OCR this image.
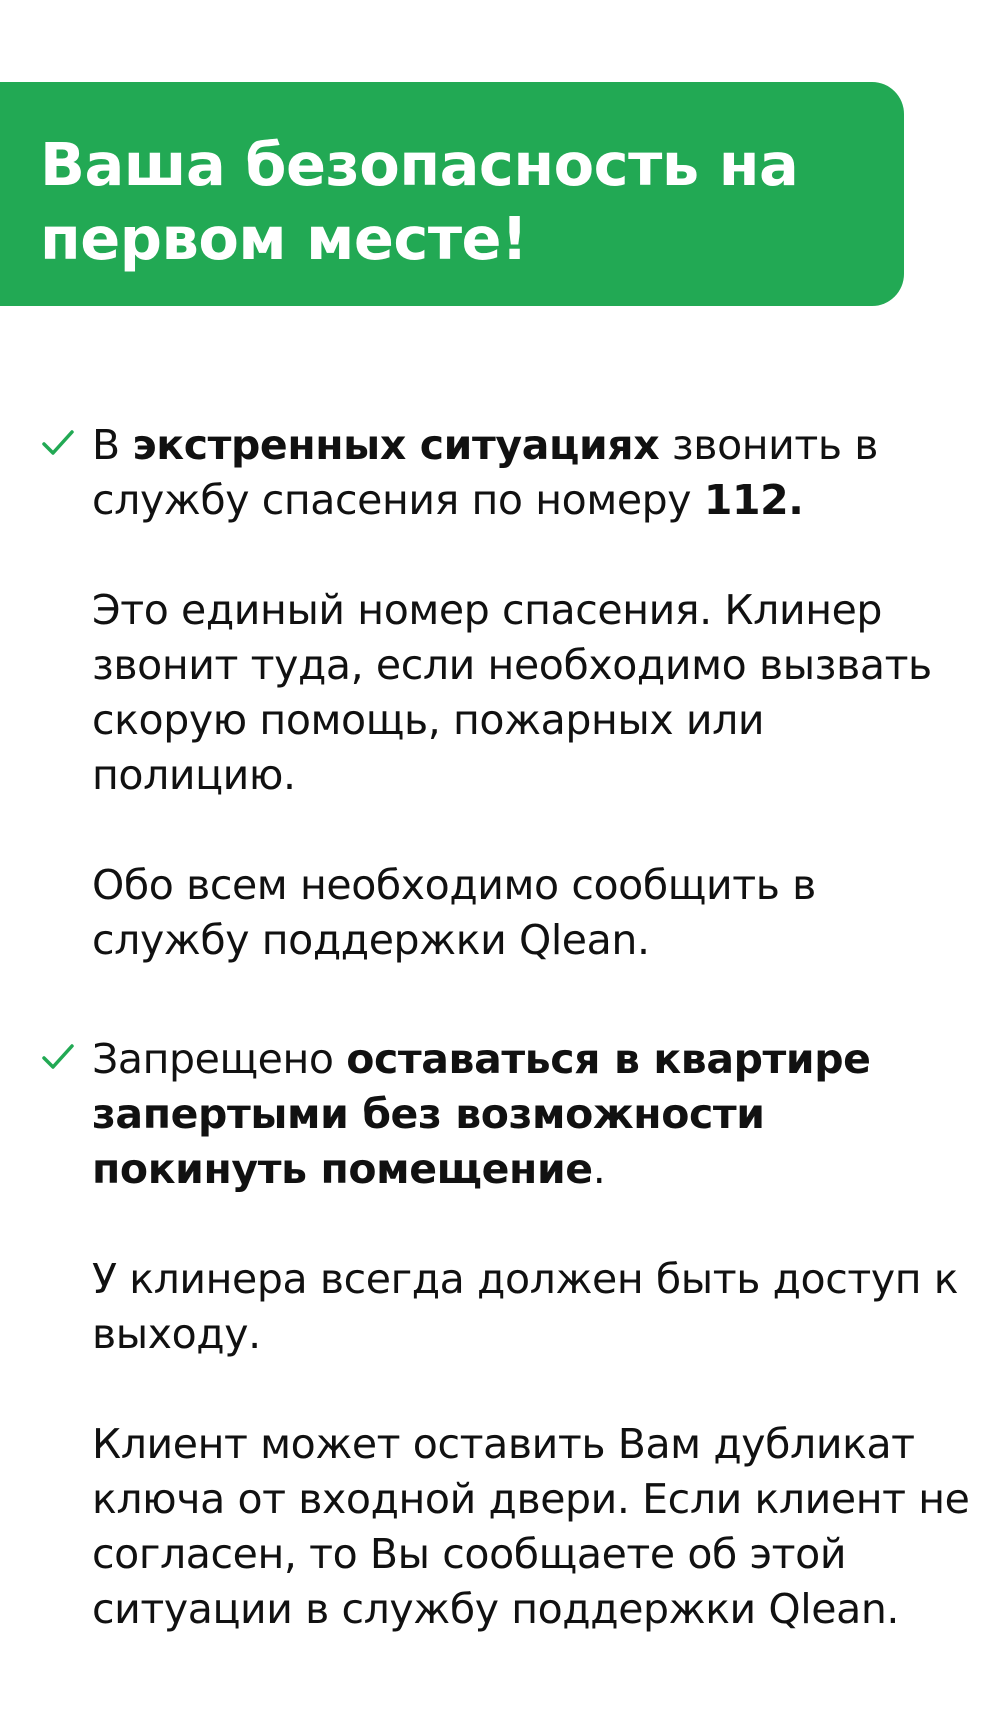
Ваша безопасность на первом месте!

В экстренных ситуациях звонить в службу спасения по номеру 112.

Это единый номер спасения. Клинер звонит туда, если необходимо вызвать скорую помощь, пожарных или полицию.

Обо всем необходимо сообщить в службу поддержки Qlean.

Запрещено оставаться в квартире запертыми без возможности покинуть помещение.

У клинера всегда должен быть доступ к выходу.

Клиент может оставить Вам дубликат ключа от входной двери. Если клиент не согласен, то Вы сообщаете об этой ситуации в службу поддержки Qlean.
